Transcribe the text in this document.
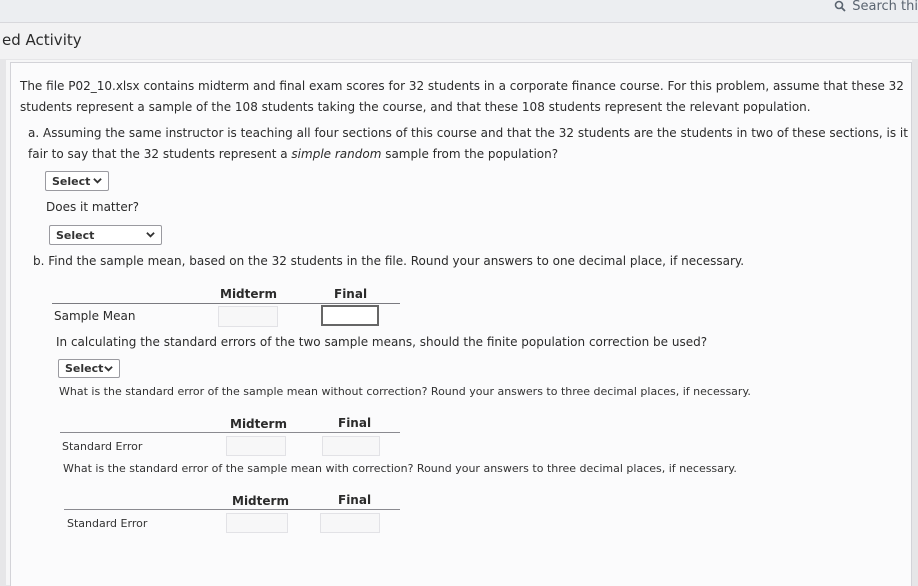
Search thi
ed Activity
The file P02_10.xlsx contains midterm and final exam scores for 32 students in a corporate finance course. For this problem, assume that these 32 students represent a sample of the 108 students taking the course, and that these 108 students represent the relevant population.
a. Assuming the same instructor is teaching all four sections of this course and that the 32 students are the students in two of these sections, is it fair to say that the 32 students represent a simple random sample from the population?
Select
Does it matter?
Select
b. Find the sample mean, based on the 32 students in the file. Round your answers to one decimal place, if necessary.
Midterm	Final
Sample Mean
In calculating the standard errors of the two sample means, should the finite population correction be used?
Select
What is the standard error of the sample mean without correction? Round your answers to three decimal places, if necessary.
Midterm	Final
Standard Error
What is the standard error of the sample mean with correction? Round your answers to three decimal places, if necessary.
Midterm	Final
Standard Error
